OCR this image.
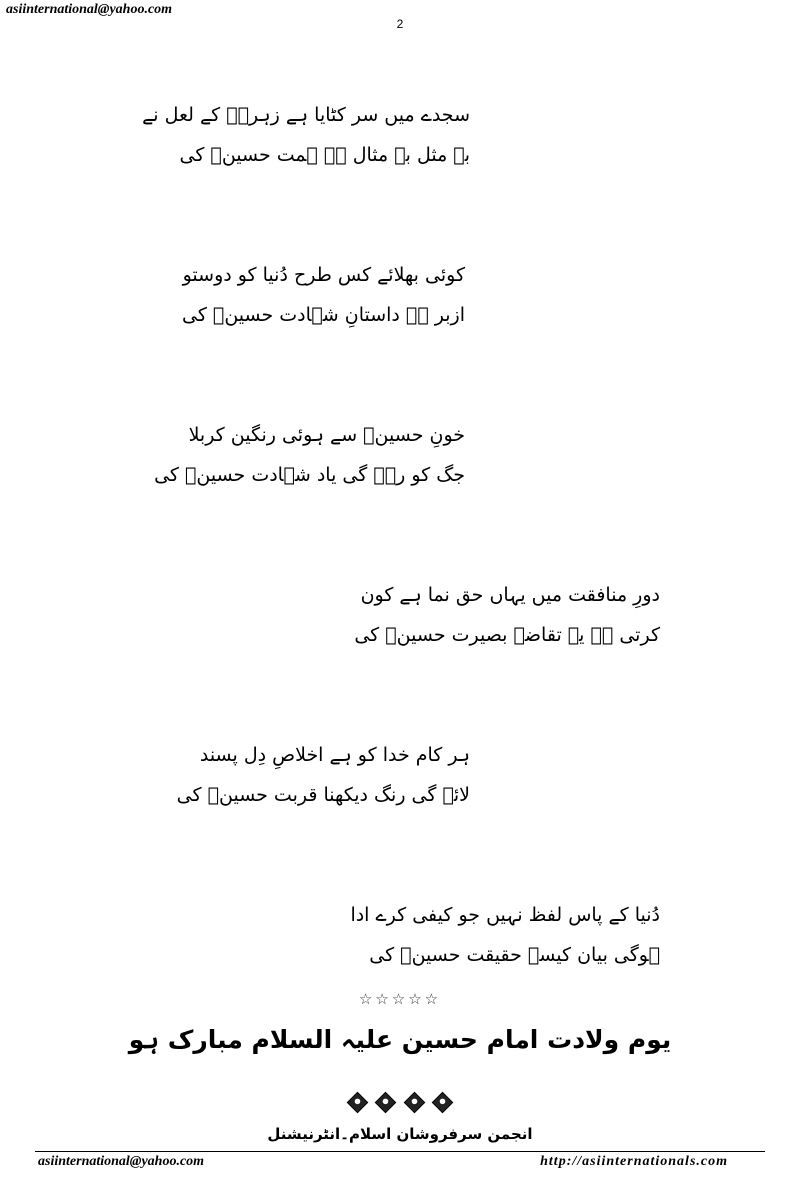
asiinternational@yahoo.com
2
سجدے میں سر کٹایا ہے زہرہؑ کے لعل نے
بے مثل بے مثال ہے ہمت حسینؑ کی
کوئی بھلائے کس طرح دُنیا کو دوستو
ازبر ہے داستانِ شہادت حسینؑ کی
خونِ حسینؑ سے ہوئی رنگین کربلا
جگ کو رہے گی یاد شہادت حسینؑ کی
دورِ منافقت میں یہاں حق نما ہے کون
کرتی ہے یہ تقاضہ بصیرت حسینؑ کی
ہر کام خدا کو ہے اخلاصِ دِل پسند
لائے گی رنگ دیکھنا قربت حسینؑ کی
دُنیا کے پاس لفظ نہیں جو کیفی کرے ادا
ہوگی بیان کیسے حقیقت حسینؑ کی
☆☆☆☆☆
یوم ولادت امام حسین علیہ السلام مبارک ہو

انجمن سرفروشان اسلام۔انٹرنیشنل
asiinternational@yahoo.com	http://asiinternationals.com
